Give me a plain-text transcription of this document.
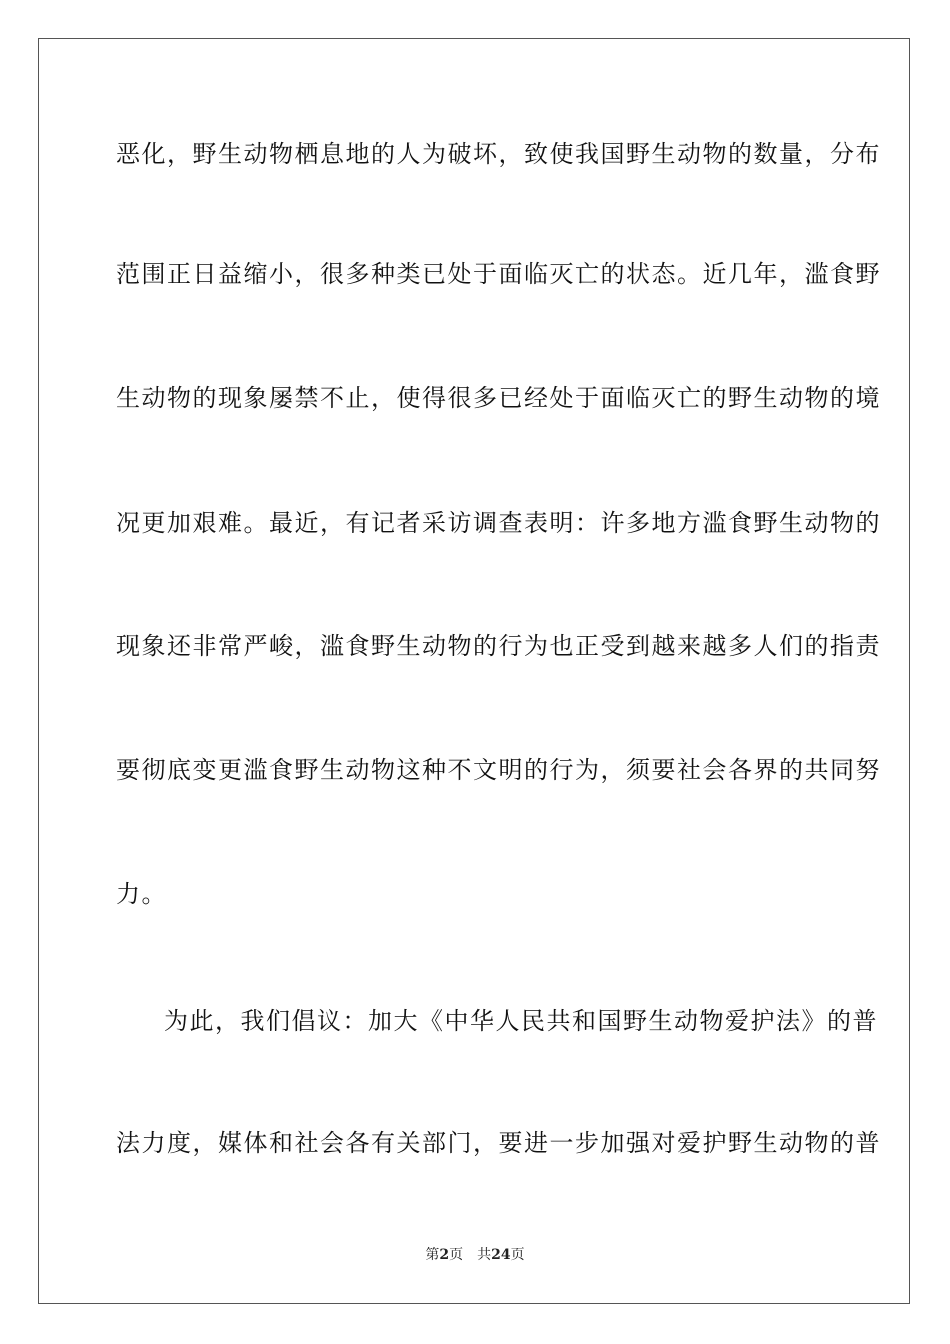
恶化，野生动物栖息地的人为破坏，致使我国野生动物的数量，分布
范围正日益缩小，很多种类已处于面临灭亡的状态。近几年，滥食野
生动物的现象屡禁不止，使得很多已经处于面临灭亡的野生动物的境
况更加艰难。最近，有记者采访调查表明：许多地方滥食野生动物的
现象还非常严峻，滥食野生动物的行为也正受到越来越多人们的指责
要彻底变更滥食野生动物这种不文明的行为，须要社会各界的共同努
力。
为此，我们倡议：加大《中华人民共和国野生动物爱护法》的普
法力度，媒体和社会各有关部门，要进一步加强对爱护野生动物的普
第2页 共24页
